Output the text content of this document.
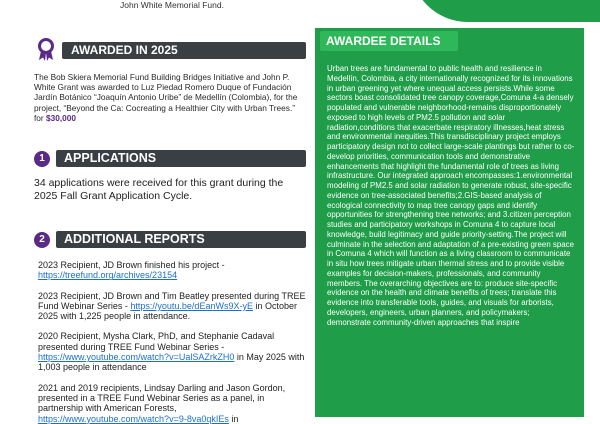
John White Memorial Fund.
AWARDED IN 2025

The Bob Skiera Memorial Fund Building Bridges Initiative and John P. White Grant was awarded to Luz Piedad Romero Duque of Fundación Jardín Botánico “Joaquín Antonio Uribe” de Medellín (Colombia), for the project, “Beyond the Ca: Cocreating a Healthier City with Urban Trees.” for $30,000

1	APPLICATIONS

34 applications were received for this grant during the 2025 Fall Grant Application Cycle.

2	ADDITIONAL REPORTS
2023 Recipient, JD Brown finished his project -
https://treefund.org/archives/23154
2023 Recipient, JD Brown and Tim Beatley presented during TREE Fund Webinar Series - https://youtu.be/dEanWs9X-yE in October 2025 with 1,225 people in attendance.
2020 Recipient, Mysha Clark, PhD, and Stephanie Cadaval presented during TREE Fund Webinar Series - https://www.youtube.com/watch?v=UalSAZrkZH0 in May 2025 with 1,003 people in attendance
2021 and 2019 recipients, Lindsay Darling and Jason Gordon, presented in a TREE Fund Webinar Series as a panel, in partnership with American Forests, https://www.youtube.com/watch?v=9-8va0qkIEs in
AWARDEE DETAILS
Urban trees are fundamental to public health and resilience in Medellín, Colombia, a city internationally recognized for its innovations in urban greening yet where unequal access persists.While some sectors boast consolidated tree canopy coverage,Comuna 4-a densely populated and vulnerable neighborhood-remains disproportionately exposed to high levels of PM2.5 pollution and solar radiation,conditions that exacerbate respiratory illnesses,heat stress and environmental inequities.This transdisciplinary project employs participatory design not to collect large-scale plantings but rather to co-develop priorities, communication tools and demonstrative enhancements that highlight the fundamental role of trees as living infrastructure. Our integrated approach encompasses:1.environmental modeling of PM2.5 and solar radiation to generate robust, site-specific evidence on tree-associated benefits;2.GIS-based analysis of ecological connectivity to map tree canopy gaps and identify opportunities for strengthening tree networks; and 3.citizen perception studies and participatory workshops in Comuna 4 to capture local knowledge, build legitimacy and guide priority-setting.The project will culminate in the selection and adaptation of a pre-existing green space in Comuna 4 which will function as a living classroom to communicate in situ how trees mitigate urban thermal stress and to provide visible examples for decision-makers, professionals, and community members. The overarching objectives are to: produce site-specific evidence on the health and climate benefits of trees; translate this evidence into transferable tools, guides, and visuals for arborists, developers, engineers, urban planners, and policymakers; demonstrate community-driven approaches that inspire
